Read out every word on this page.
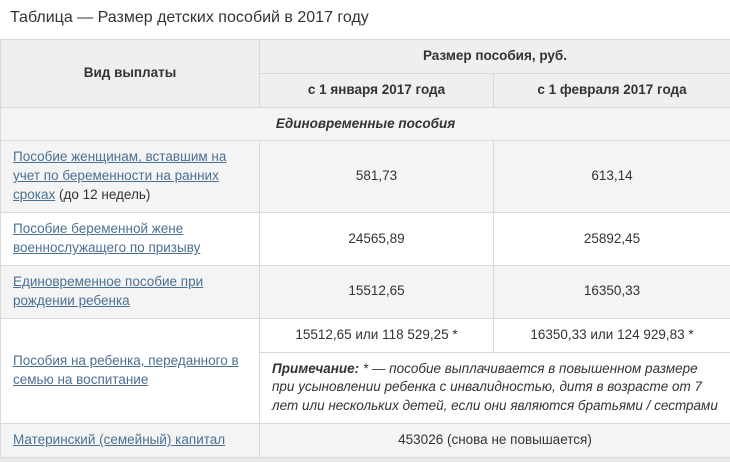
Таблица — Размер детских пособий в 2017 году
Вид выплаты	Размер пособия, руб.	
	с 1 января 2017 года	с 1 февраля 2017 года
Единовременные пособия		
Пособие женщинам, вставшим на учет по беременности на ранних сроках (до 12 недель)	581,73	613,14
Пособие беременной жене военнослужащего по призыву	24565,89	25892,45
Единовременное пособие при рождении ребенка	15512,65	16350,33
Пособия на ребенка, переданного в семью на воспитание	15512,65 или 118 529,25 *	16350,33 или 124 929,83 *
	Примечание: * — пособие выплачивается в повышенном размере при усыновлении ребенка с инвалидностью, дитя в возрасте от 7 лет или нескольких детей, если они являются братьями / сестрами	
Материнский (семейный) капитал	453026 (снова не повышается)	
